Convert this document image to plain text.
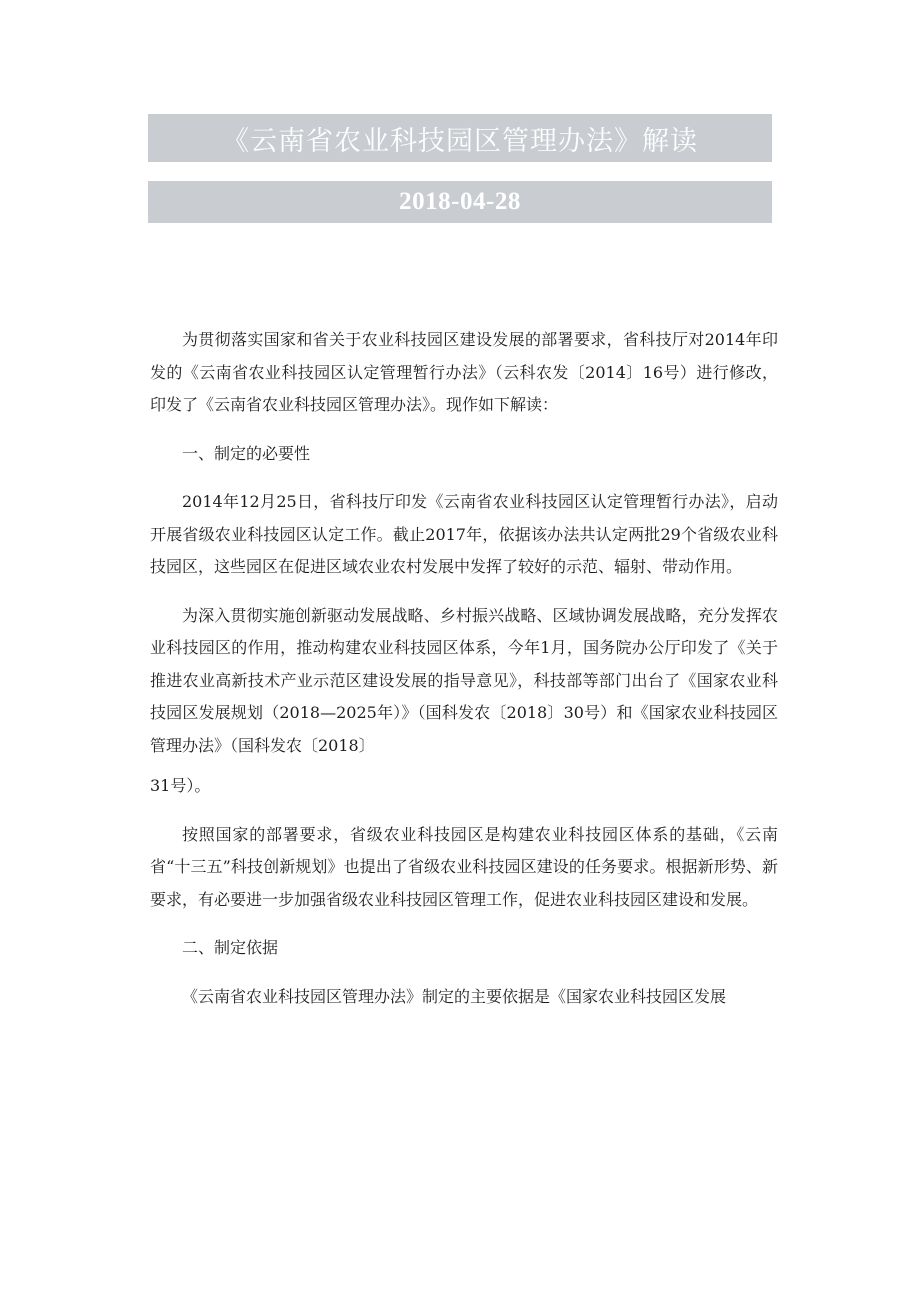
《云南省农业科技园区管理办法》解读
2018-04-28

为贯彻落实国家和省关于农业科技园区建设发展的部署要求，省科技厅对2014年印发的《云南省农业科技园区认定管理暂行办法》（云科农发〔2014〕16号）进行修改，印发了《云南省农业科技园区管理办法》。现作如下解读：

一、制定的必要性

2014年12月25日，省科技厅印发《云南省农业科技园区认定管理暂行办法》，启动开展省级农业科技园区认定工作。截止2017年，依据该办法共认定两批29个省级农业科技园区，这些园区在促进区域农业农村发展中发挥了较好的示范、辐射、带动作用。

为深入贯彻实施创新驱动发展战略、乡村振兴战略、区域协调发展战略，充分发挥农业科技园区的作用，推动构建农业科技园区体系，今年1月，国务院办公厅印发了《关于推进农业高新技术产业示范区建设发展的指导意见》，科技部等部门出台了《国家农业科技园区发展规划（2018—2025年）》（国科发农〔2018〕30号）和《国家农业科技园区管理办法》（国科发农〔2018〕

31号）。

按照国家的部署要求，省级农业科技园区是构建农业科技园区体系的基础，《云南省“十三五”科技创新规划》也提出了省级农业科技园区建设的任务要求。根据新形势、新要求，有必要进一步加强省级农业科技园区管理工作，促进农业科技园区建设和发展。

二、制定依据

《云南省农业科技园区管理办法》制定的主要依据是《国家农业科技园区发展
